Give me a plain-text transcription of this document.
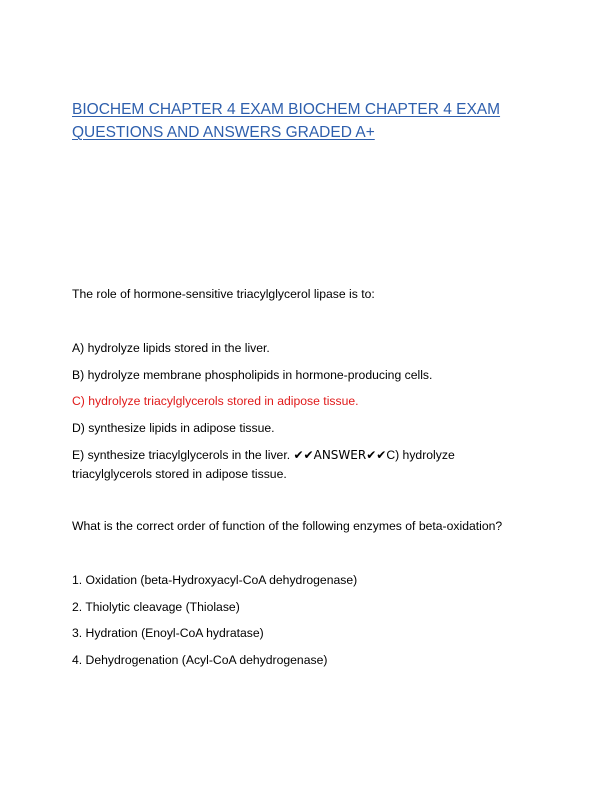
BIOCHEM CHAPTER 4 EXAM BIOCHEM CHAPTER 4 EXAM QUESTIONS AND ANSWERS GRADED A+

The role of hormone-sensitive triacylglycerol lipase is to:

A) hydrolyze lipids stored in the liver.

B) hydrolyze membrane phospholipids in hormone-producing cells.

C) hydrolyze triacylglycerols stored in adipose tissue.

D) synthesize lipids in adipose tissue.

E) synthesize triacylglycerols in the liver. ✔✔ANSWER✔✔C) hydrolyze triacylglycerols stored in adipose tissue.

What is the correct order of function of the following enzymes of beta-oxidation?

1. Oxidation (beta-Hydroxyacyl-CoA dehydrogenase)

2. Thiolytic cleavage (Thiolase)

3. Hydration (Enoyl-CoA hydratase)

4. Dehydrogenation (Acyl-CoA dehydrogenase)
